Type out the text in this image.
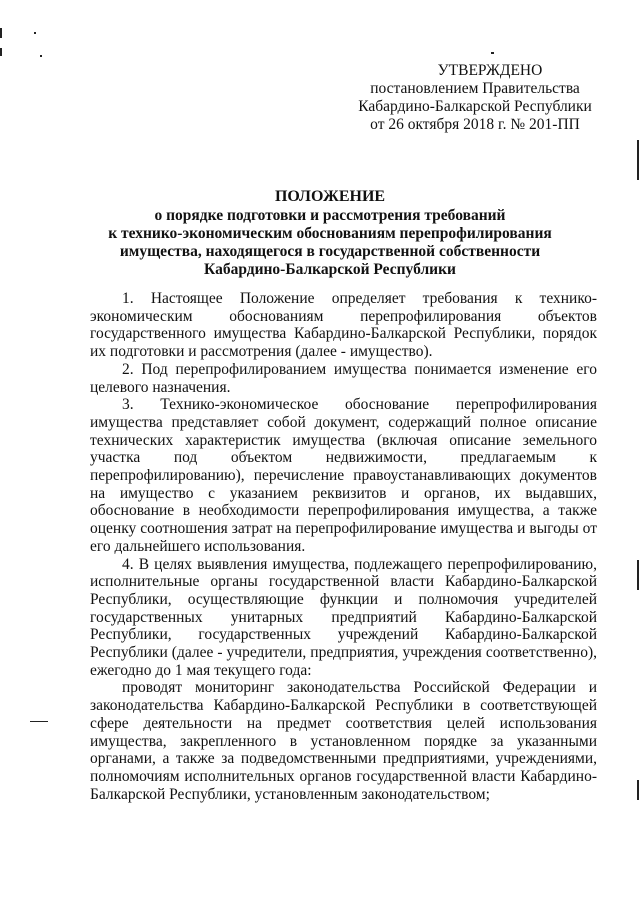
УТВЕРЖДЕНО
постановлением Правительства
Кабардино-Балкарской Республики
от 26 октября 2018 г. № 201-ПП
ПОЛОЖЕНИЕ
о порядке подготовки и рассмотрения требований
к технико-экономическим обоснованиям перепрофилирования
имущества, находящегося в государственной собственности
Кабардино-Балкарской Республики

1. Настоящее Положение определяет требования к технико-экономическим обоснованиям перепрофилирования объектов государственного имущества Кабардино-Балкарской Республики, порядок их подготовки и рассмотрения (далее - имущество).

2. Под перепрофилированием имущества понимается изменение его целевого назначения.

3. Технико-экономическое обоснование перепрофилирования имущества представляет собой документ, содержащий полное описание технических характеристик имущества (включая описание земельного участка под объектом недвижимости, предлагаемым к перепрофилированию), перечисление правоустанавливающих документов на имущество с указанием реквизитов и органов, их выдавших, обоснование в необходимости перепрофилирования имущества, а также оценку соотношения затрат на перепрофилирование имущества и выгоды от его дальнейшего использования.

4. В целях выявления имущества, подлежащего перепрофилированию, исполнительные органы государственной власти Кабардино-Балкарской Республики, осуществляющие функции и полномочия учредителей государственных унитарных предприятий Кабардино-Балкарской Республики, государственных учреждений Кабардино-Балкарской Республики (далее - учредители, предприятия, учреждения соответственно), ежегодно до 1 мая текущего года:

проводят мониторинг законодательства Российской Федерации и законодательства Кабардино-Балкарской Республики в соответствующей сфере деятельности на предмет соответствия целей использования имущества, закрепленного в установленном порядке за указанными органами, а также за подведомственными предприятиями, учреждениями, полномочиям исполнительных органов государственной власти Кабардино-Балкарской Республики, установленным законодательством;
